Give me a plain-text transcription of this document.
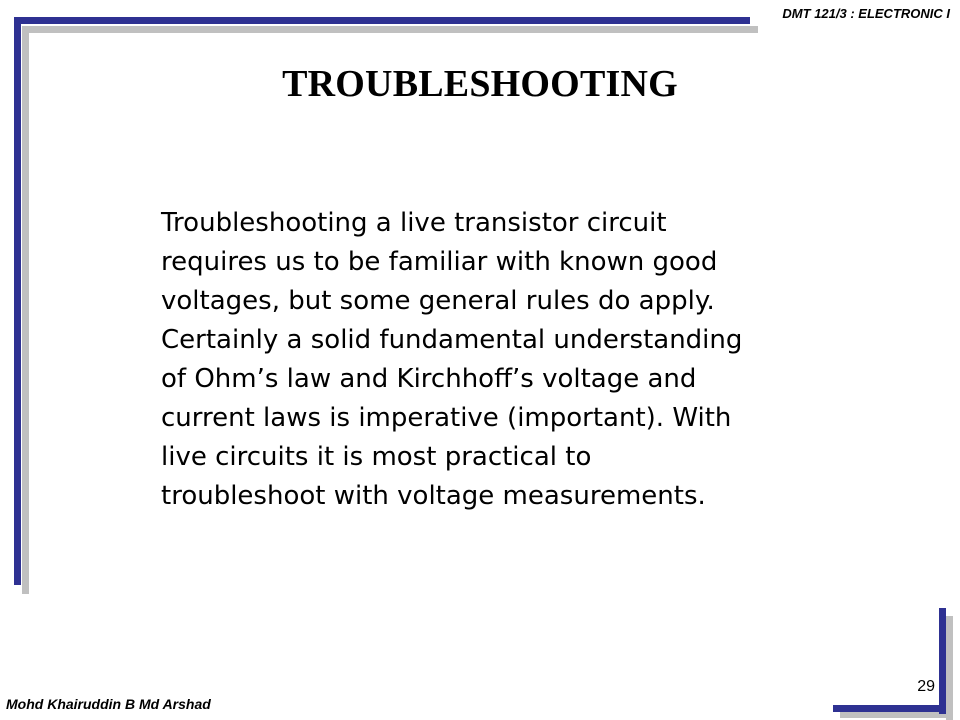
DMT 121/3 : ELECTRONIC I
TROUBLESHOOTING
Troubleshooting a live transistor circuit
requires us to be familiar with known good
voltages, but some general rules do apply.
Certainly a solid fundamental understanding
of Ohm’s law and Kirchhoff’s voltage and
current laws is imperative (important). With
live circuits it is most practical to
troubleshoot with voltage measurements.
Mohd Khairuddin B Md Arshad
29
